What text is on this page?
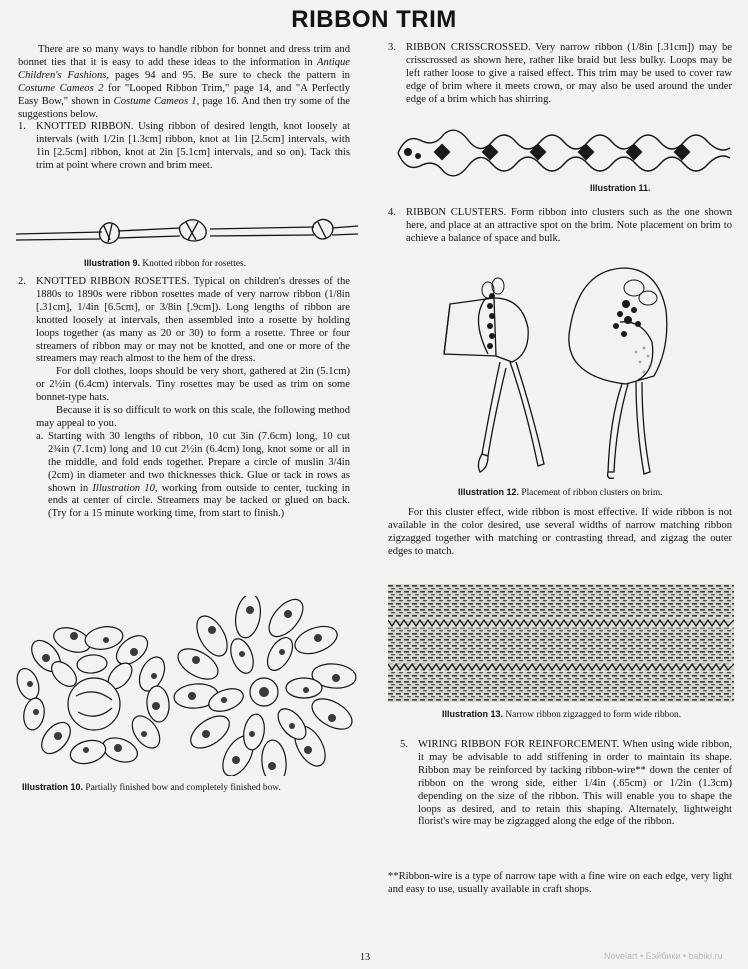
RIBBON TRIM

There are so many ways to handle ribbon for bonnet and dress trim and bonnet ties that it is easy to add these ideas to the information in Antique Children's Fashions, pages 94 and 95. Be sure to check the pattern in Costume Cameos 2 for "Looped Ribbon Trim," page 14, and "A Perfectly Easy Bow," shown in Costume Cameos 1, page 16. And then try some of the suggestions below.

1. KNOTTED RIBBON. Using ribbon of desired length, knot loosely at intervals (with 1/2in [1.3cm] ribbon, knot at 1in [2.5cm] intervals, with 1in [2.5cm] ribbon, knot at 2in [5.1cm] intervals, and so on). Tack this trim at point where crown and brim meet.

Illustration 9. Knotted ribbon for rosettes.

2. KNOTTED RIBBON ROSETTES. Typical on children's dresses of the 1880s to 1890s were ribbon rosettes made of very narrow ribbon (1/8in [.31cm], 1/4in [6.5cm], or 3/8in [.9cm]). Long lengths of ribbon are knotted loosely at intervals, then assembled into a rosette by holding loops together (as many as 20 or 30) to form a rosette. Three or four streamers of ribbon may or may not be knotted, and one or more of the streamers may reach almost to the hem of the dress.

For doll clothes, loops should be very short, gathered at 2in (5.1cm) or 2½in (6.4cm) intervals. Tiny rosettes may be used as trim on some bonnet-type hats.

Because it is so difficult to work on this scale, the following method may appeal to you.

a. Starting with 30 lengths of ribbon, 10 cut 3in (7.6cm) long, 10 cut 2¾in (7.1cm) long and 10 cut 2½in (6.4cm) long, knot some or all in the middle, and fold ends together. Prepare a circle of muslin 3/4in (2cm) in diameter and two thicknesses thick. Glue or tack in rows as shown in Illustration 10, working from outside to center, tucking in ends at center of circle. Streamers may be tacked or glued on back. (Try for a 15 minute working time, from start to finish.)

Illustration 10. Partially finished bow and completely finished bow.

3. RIBBON CRISSCROSSED. Very narrow ribbon (1/8in [.31cm]) may be crisscrossed as shown here, rather like braid but less bulky. Loops may be left rather loose to give a raised effect. This trim may be used to cover raw edge of brim where it meets crown, or may also be used around the under edge of a brim which has shirring.

Illustration 11.

4. RIBBON CLUSTERS. Form ribbon into clusters such as the one shown here, and place at an attractive spot on the brim. Note placement on brim to achieve a balance of space and bulk.

Illustration 12. Placement of ribbon clusters on brim.

For this cluster effect, wide ribbon is most effective. If wide ribbon is not available in the color desired, use several widths of narrow matching ribbon zigzagged together with matching or contrasting thread, and zigzag the outer edges to match.

Illustration 13. Narrow ribbon zigzagged to form wide ribbon.

5. WIRING RIBBON FOR REINFORCEMENT. When using wide ribbon, it may be advisable to add stiffening in order to maintain its shape. Ribbon may be reinforced by tacking ribbon-wire** down the center of ribbon on the wrong side, either 1/4in (.65cm) or 1/2in (1.3cm) depending on the size of the ribbon. This will enable you to shape the loops as desired, and to retain this shaping. Alternately, lightweight florist's wire may be zigzagged along the edge of the ribbon.

**Ribbon-wire is a type of narrow tape with a fine wire on each edge, very light and easy to use, usually available in craft shops.

13	Novelart • Бэйбики • babiki.ru
